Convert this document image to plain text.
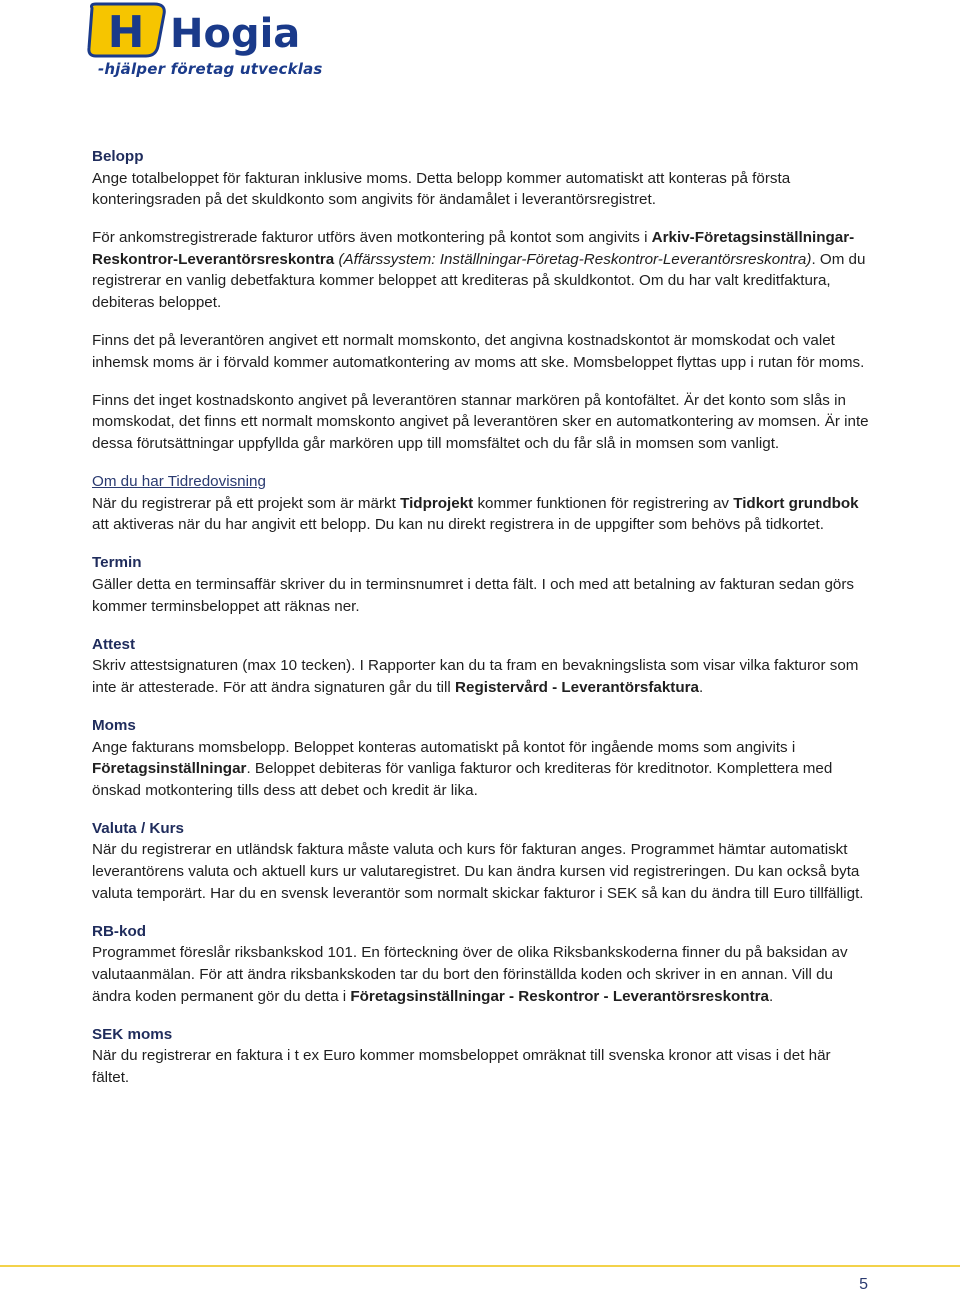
H Hogia
-hjälper företag utvecklas
Belopp
Ange totalbeloppet för fakturan inklusive moms. Detta belopp kommer automatiskt att konteras på första konteringsraden på det skuldkonto som angivits för ändamålet i leverantörsregistret.
För ankomstregistrerade fakturor utförs även motkontering på kontot som angivits i Arkiv-Företagsinställningar-Reskontror-Leverantörsreskontra (Affärssystem: Inställningar-Företag-Reskontror-Leverantörsreskontra). Om du registrerar en vanlig debetfaktura kommer beloppet att krediteras på skuldkontot. Om du har valt kreditfaktura, debiteras beloppet.
Finns det på leverantören angivet ett normalt momskonto, det angivna kostnadskontot är momskodat och valet inhemsk moms är i förvald kommer automatkontering av moms att ske. Momsbeloppet flyttas upp i rutan för moms.
Finns det inget kostnadskonto angivet på leverantören stannar markören på kontofältet. Är det konto som slås in momskodat, det finns ett normalt momskonto angivet på leverantören sker en automatkontering av momsen. Är inte dessa förutsättningar uppfyllda går markören upp till momsfältet och du får slå in momsen som vanligt.
Om du har Tidredovisning
När du registrerar på ett projekt som är märkt Tidprojekt kommer funktionen för registrering av Tidkort grundbok att aktiveras när du har angivit ett belopp. Du kan nu direkt registrera in de uppgifter som behövs på tidkortet.
Termin
Gäller detta en terminsaffär skriver du in terminsnumret i detta fält. I och med att betalning av fakturan sedan görs kommer terminsbeloppet att räknas ner.
Attest
Skriv attestsignaturen (max 10 tecken). I Rapporter kan du ta fram en bevakningslista som visar vilka fakturor som inte är attesterade. För att ändra signaturen går du till Registervård - Leverantörsfaktura.
Moms
Ange fakturans momsbelopp. Beloppet konteras automatiskt på kontot för ingående moms som angivits i Företagsinställningar. Beloppet debiteras för vanliga fakturor och krediteras för kreditnotor. Komplettera med önskad motkontering tills dess att debet och kredit är lika.
Valuta / Kurs
När du registrerar en utländsk faktura måste valuta och kurs för fakturan anges. Programmet hämtar automatiskt leverantörens valuta och aktuell kurs ur valutaregistret. Du kan ändra kursen vid registreringen. Du kan också byta valuta temporärt. Har du en svensk leverantör som normalt skickar fakturor i SEK så kan du ändra till Euro tillfälligt.
RB-kod
Programmet föreslår riksbankskod 101. En förteckning över de olika Riksbankskoderna finner du på baksidan av valutaanmälan. För att ändra riksbankskoden tar du bort den förinställda koden och skriver in en annan. Vill du ändra koden permanent gör du detta i Företagsinställningar - Reskontror - Leverantörsreskontra.
SEK moms
När du registrerar en faktura i t ex Euro kommer momsbeloppet omräknat till svenska kronor att visas i det här fältet.
5
